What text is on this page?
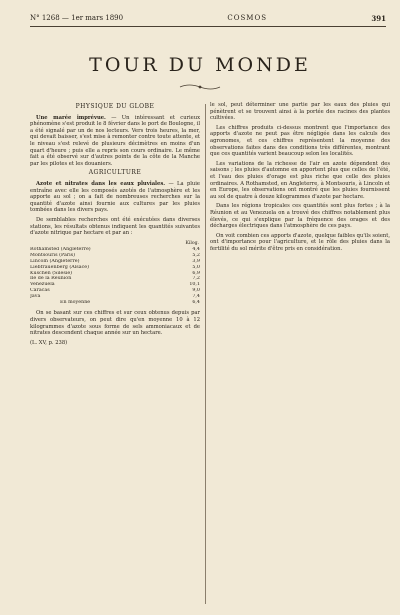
N° 1268 — 1er mars 1890	COSMOS	391
TOUR DU MONDE
PHYSIQUE DU GLOBE

Une marée imprévue. — Un intéressant et curieux phénomène s'est produit le 8 février dans le port de Boulogne, il a été signalé par un de nos lecteurs. Vers trois heures, la mer, qui devait baisser, s'est mise à remonter contre toute attente, et le niveau s'est relevé de plusieurs décimètres en moins d'un quart d'heure ; puis elle a repris son cours ordinaire. Le même fait a été observé sur d'autres points de la côte de la Manche par les pilotes et les douaniers.

AGRICULTURE

Azote et nitrates dans les eaux pluviales. — La pluie entraîne avec elle les composés azotés de l'atmosphère et les apporte au sol ; on a fait de nombreuses recherches sur la quantité d'azote ainsi fournie aux cultures par les pluies tombées dans les divers pays.

De semblables recherches ont été exécutées dans diverses stations, les résultats obtenus indiquent les quantités suivantes d'azote nitrique par hectare et par an :

	Kilog.
Rothamsted (Angleterre)	4,4
Montsouris (Paris)	5,2
Lincoln (Angleterre)	3,9
Liebfrauenberg (Alsace)	5,0
Kuschen (Silésie)	6,9
Ile de la Réunion	7,2
Venezuela	10,1
Caracas	9,0
Java	7,4
En moyenne	6,4

On se basant sur ces chiffres et sur ceux obtenus depuis par divers observateurs, on peut dire qu'en moyenne 10 à 12 kilogrammes d'azote sous forme de sels ammoniacaux et de nitrates descendent chaque année sur un hectare.

(L. XV, p. 238)

le sol, peut déterminer une partie par les eaux des pluies qui pénètrent et se trouvent ainsi à la portée des racines des plantes cultivées.

Les chiffres produits ci-dessus montrent que l'importance des apports d'azote ne peut pas être négligée dans les calculs des agronomes, et ces chiffres représentent la moyenne des observations faites dans des conditions très différentes, montrant que ces quantités varient beaucoup selon les localités.

Les variations de la richesse de l'air en azote dépendent des saisons ; les pluies d'automne en apportent plus que celles de l'été, et l'eau des pluies d'orage est plus riche que celle des pluies ordinaires. A Rothamsted, en Angleterre, à Montsouris, à Lincoln et en Europe, les observations ont montré que les pluies fournissent au sol de quatre à douze kilogrammes d'azote par hectare.

Dans les régions tropicales ces quantités sont plus fortes ; à la Réunion et au Venezuela on a trouvé des chiffres notablement plus élevés, ce qui s'explique par la fréquence des orages et des décharges électriques dans l'atmosphère de ces pays.

On voit combien ces apports d'azote, quelque faibles qu'ils soient, ont d'importance pour l'agriculture, et le rôle des pluies dans la fertilité du sol mérite d'être pris en considération.
